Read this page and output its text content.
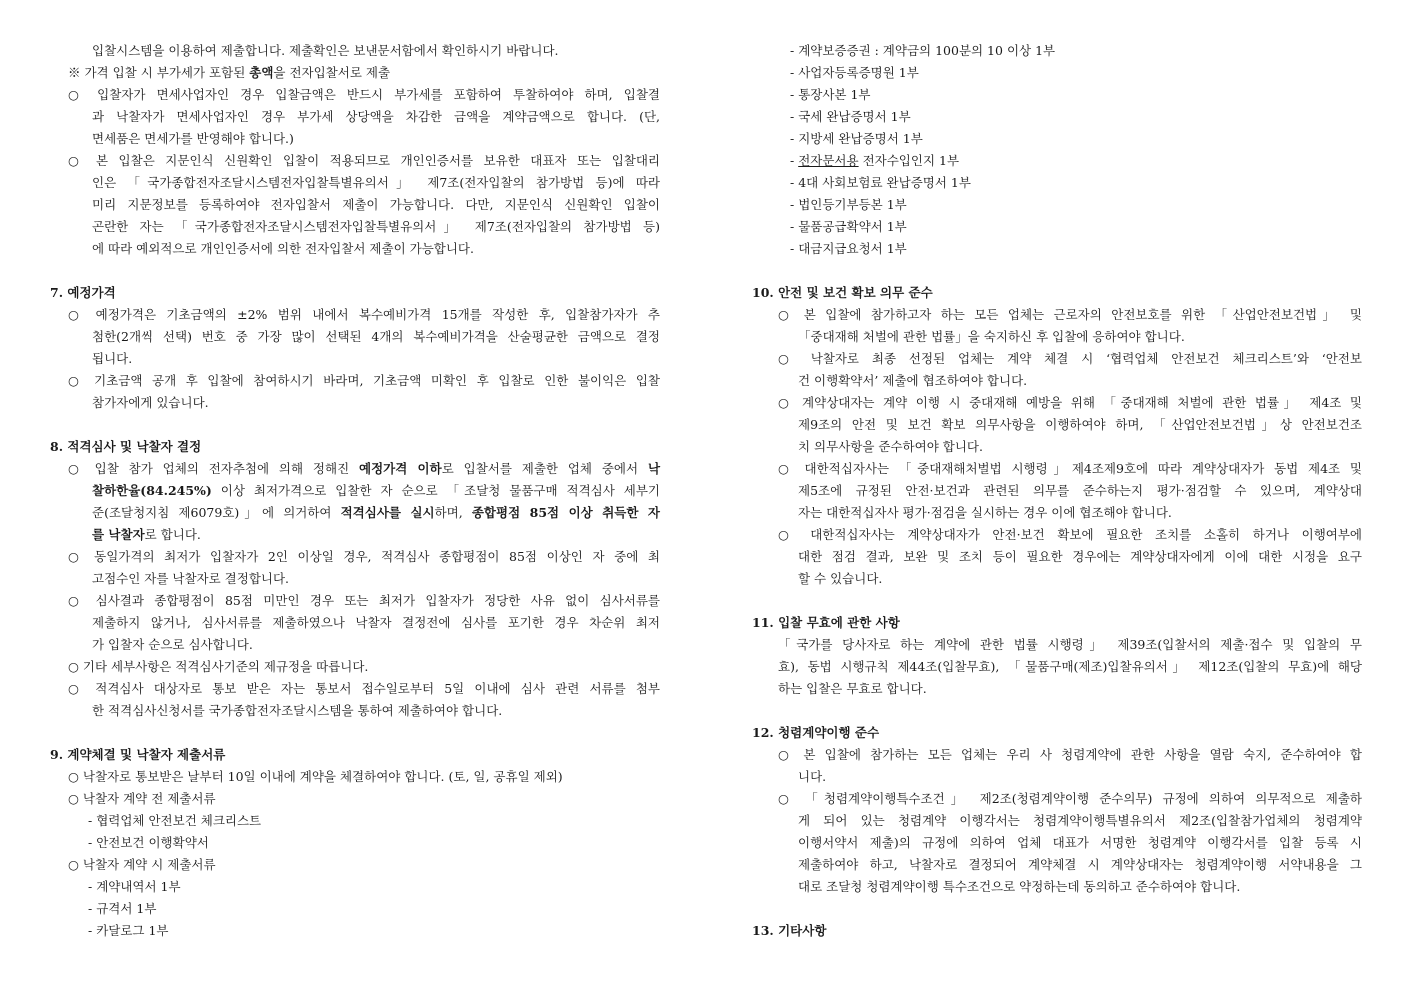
입찰시스템을 이용하여 제출합니다. 제출확인은 보낸문서함에서 확인하시기 바랍니다.
※ 가격 입찰 시 부가세가 포함된 총액을 전자입찰서로 제출
○ 입찰자가 면세사업자인 경우 입찰금액은 반드시 부가세를 포함하여 투찰하여야 하며, 입찰결
과 낙찰자가 면세사업자인 경우 부가세 상당액을 차감한 금액을 계약금액으로 합니다. (단,
면세품은 면세가를 반영해야 합니다.)
○ 본 입찰은 지문인식 신원확인 입찰이 적용되므로 개인인증서를 보유한 대표자 또는 입찰대리
인은 「국가종합전자조달시스템전자입찰특별유의서」 제7조(전자입찰의 참가방법 등)에 따라
미리 지문정보를 등록하여야 전자입찰서 제출이 가능합니다. 다만, 지문인식 신원확인 입찰이
곤란한 자는 「국가종합전자조달시스템전자입찰특별유의서」 제7조(전자입찰의 참가방법 등)
에 따라 예외적으로 개인인증서에 의한 전자입찰서 제출이 가능합니다.
7. 예정가격
○ 예정가격은 기초금액의 ±2% 범위 내에서 복수예비가격 15개를 작성한 후, 입찰참가자가 추
첨한(2개씩 선택) 번호 중 가장 많이 선택된 4개의 복수예비가격을 산술평균한 금액으로 결정
됩니다.
○ 기초금액 공개 후 입찰에 참여하시기 바라며, 기초금액 미확인 후 입찰로 인한 불이익은 입찰
참가자에게 있습니다.
8. 적격심사 및 낙찰자 결정
○ 입찰 참가 업체의 전자추첨에 의해 정해진 예정가격 이하로 입찰서를 제출한 업체 중에서 낙
찰하한율(84.245%) 이상 최저가격으로 입찰한 자 순으로 「조달청 물품구매 적격심사 세부기
준(조달청지침 제6079호)」에 의거하여 적격심사를 실시하며, 종합평점 85점 이상 취득한 자
를 낙찰자로 합니다.
○ 동일가격의 최저가 입찰자가 2인 이상일 경우, 적격심사 종합평점이 85점 이상인 자 중에 최
고점수인 자를 낙찰자로 결정합니다.
○ 심사결과 종합평점이 85점 미만인 경우 또는 최저가 입찰자가 정당한 사유 없이 심사서류를
제출하지 않거나, 심사서류를 제출하였으나 낙찰자 결정전에 심사를 포기한 경우 차순위 최저
가 입찰자 순으로 심사합니다.
○ 기타 세부사항은 적격심사기준의 제규정을 따릅니다.
○ 적격심사 대상자로 통보 받은 자는 통보서 접수일로부터 5일 이내에 심사 관련 서류를 첨부
한 적격심사신청서를 국가종합전자조달시스템을 통하여 제출하여야 합니다.
9. 계약체결 및 낙찰자 제출서류
○ 낙찰자로 통보받은 날부터 10일 이내에 계약을 체결하여야 합니다. (토, 일, 공휴일 제외)
○ 낙찰자 계약 전 제출서류
- 협력업체 안전보건 체크리스트
- 안전보건 이행확약서
○ 낙찰자 계약 시 제출서류
- 계약내역서 1부
- 규격서 1부
- 카달로그 1부
- 계약보증증권 : 계약금의 100분의 10 이상 1부
- 사업자등록증명원 1부
- 통장사본 1부
- 국세 완납증명서 1부
- 지방세 완납증명서 1부
- 전자문서용 전자수입인지 1부
- 4대 사회보험료 완납증명서 1부
- 법인등기부등본 1부
- 물품공급확약서 1부
- 대금지급요청서 1부
10. 안전 및 보건 확보 의무 준수
○ 본 입찰에 참가하고자 하는 모든 업체는 근로자의 안전보호를 위한 「산업안전보건법」 및
「중대재해 처벌에 관한 법률」을 숙지하신 후 입찰에 응하여야 합니다.
○ 낙찰자로 최종 선정된 업체는 계약 체결 시 ‘협력업체 안전보건 체크리스트’와 ‘안전보
건 이행확약서’ 제출에 협조하여야 합니다.
○ 계약상대자는 계약 이행 시 중대재해 예방을 위해 「중대재해 처벌에 관한 법률」 제4조 및
제9조의 안전 및 보건 확보 의무사항을 이행하여야 하며, 「산업안전보건법」상 안전보건조
치 의무사항을 준수하여야 합니다.
○ 대한적십자사는 「중대재해처벌법 시행령」제4조제9호에 따라 계약상대자가 동법 제4조 및
제5조에 규정된 안전·보건과 관련된 의무를 준수하는지 평가·점검할 수 있으며, 계약상대
자는 대한적십자사 평가·점검을 실시하는 경우 이에 협조해야 합니다.
○ 대한적십자사는 계약상대자가 안전·보건 확보에 필요한 조치를 소홀히 하거나 이행여부에
대한 점검 결과, 보완 및 조치 등이 필요한 경우에는 계약상대자에게 이에 대한 시정을 요구
할 수 있습니다.
11. 입찰 무효에 관한 사항
「국가를 당사자로 하는 계약에 관한 법률 시행령」 제39조(입찰서의 제출·접수 및 입찰의 무
효), 동법 시행규칙 제44조(입찰무효), 「물품구매(제조)입찰유의서」 제12조(입찰의 무효)에 해당
하는 입찰은 무효로 합니다.
12. 청렴계약이행 준수
○ 본 입찰에 참가하는 모든 업체는 우리 사 청렴계약에 관한 사항을 열람 숙지, 준수하여야 합
니다.
○ 「청렴계약이행특수조건」 제2조(청렴계약이행 준수의무) 규정에 의하여 의무적으로 제출하
게 되어 있는 청렴계약 이행각서는 청렴계약이행특별유의서 제2조(입찰참가업체의 청렴계약
이행서약서 제출)의 규정에 의하여 업체 대표가 서명한 청렴계약 이행각서를 입찰 등록 시
제출하여야 하고, 낙찰자로 결정되어 계약체결 시 계약상대자는 청렴계약이행 서약내용을 그
대로 조달청 청렴계약이행 특수조건으로 약정하는데 동의하고 준수하여야 합니다.
13. 기타사항
